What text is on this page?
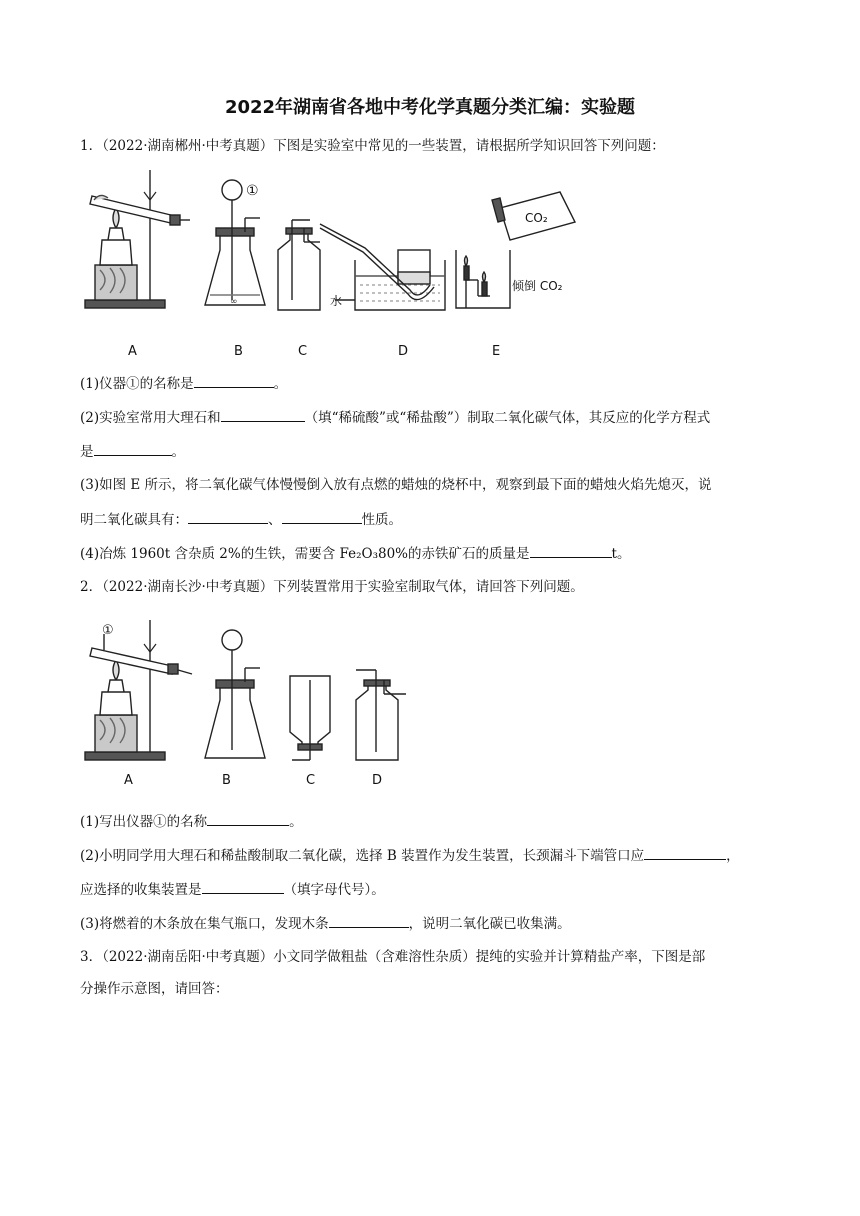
2022年湖南省各地中考化学真题分类汇编：实验题
1．（2022·湖南郴州·中考真题）下图是实验室中常见的一些装置，请根据所学知识回答下列问题：
∞
①
CO₂
倾倒 CO₂
水
A	B	C	D	E
(1)仪器①的名称是	。
(2)实验室常用大理石和	（填“稀硫酸”或“稀盐酸”）制取二氧化碳气体，其反应的化学方程式
是	。
(3)如图 E 所示，将二氧化碳气体慢慢倒入放有点燃的蜡烛的烧杯中，观察到最下面的蜡烛火焰先熄灭，说
明二氧化碳具有：	、	性质。
(4)冶炼 1960t 含杂质 2%的生铁，需要含 Fe₂O₃80%的赤铁矿石的质量是	t。
2．（2022·湖南长沙·中考真题）下列装置常用于实验室制取气体，请回答下列问题。
①
A	B	C	D
(1)写出仪器①的名称	。
(2)小明同学用大理石和稀盐酸制取二氧化碳，选择 B 装置作为发生装置，长颈漏斗下端管口应	，
应选择的收集装置是	（填字母代号）。
(3)将燃着的木条放在集气瓶口，发现木条	，说明二氧化碳已收集满。
3．（2022·湖南岳阳·中考真题）小文同学做粗盐（含难溶性杂质）提纯的实验并计算精盐产率，下图是部
分操作示意图，请回答：
